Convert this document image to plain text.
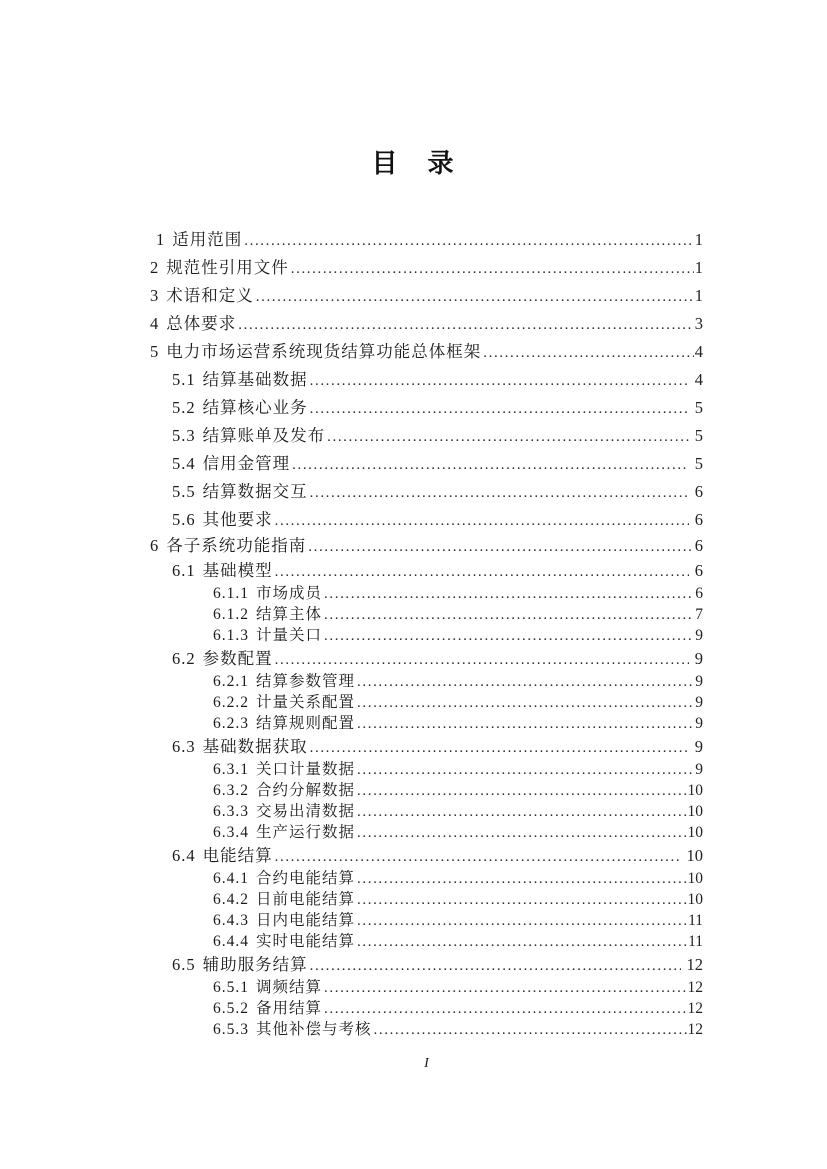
目　录
1 适用范围 .....	1
2 规范性引用文件 .....	1
3 术语和定义 .....	1
4 总体要求 .....	3
5 电力市场运营系统现货结算功能总体框架 .....	4
5.1 结算基础数据 .....	4
5.2 结算核心业务 .....	5
5.3 结算账单及发布 .....	5
5.4 信用金管理 .....	5
5.5 结算数据交互 .....	6
5.6 其他要求 .....	6
6 各子系统功能指南 .....	6
6.1 基础模型 .....	6
6.1.1 市场成员 .....	6
6.1.2 结算主体 .....	7
6.1.3 计量关口 .....	9
6.2 参数配置 .....	9
6.2.1 结算参数管理 .....	9
6.2.2 计量关系配置 .....	9
6.2.3 结算规则配置 .....	9
6.3 基础数据获取 .....	9
6.3.1 关口计量数据 .....	9
6.3.2 合约分解数据 .....	10
6.3.3 交易出清数据 .....	10
6.3.4 生产运行数据 .....	10
6.4 电能结算 .....	10
6.4.1 合约电能结算 .....	10
6.4.2 日前电能结算 .....	10
6.4.3 日内电能结算 .....	11
6.4.4 实时电能结算 .....	11
6.5 辅助服务结算 .....	12
6.5.1 调频结算 .....	12
6.5.2 备用结算 .....	12
6.5.3 其他补偿与考核 .....	12
I
